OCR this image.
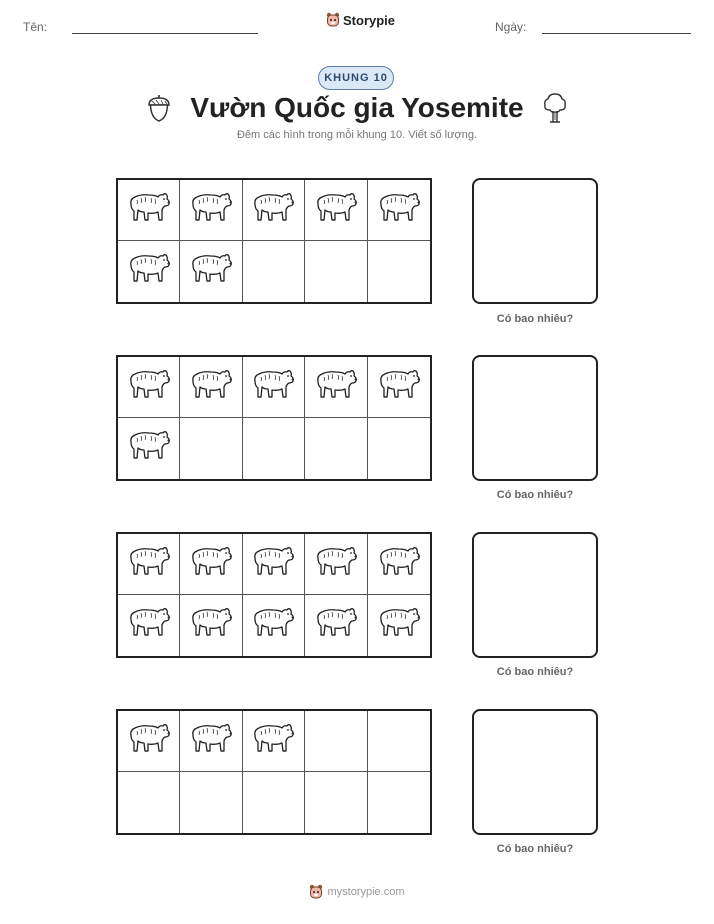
Tên:	Storypie	Ngày:
KHUNG 10
Vườn Quốc gia Yosemite
Đếm các hình trong mỗi khung 10. Viết số lượng.
Có bao nhiêu?
Có bao nhiêu?
Có bao nhiêu?
Có bao nhiêu?
mystorypie.com
